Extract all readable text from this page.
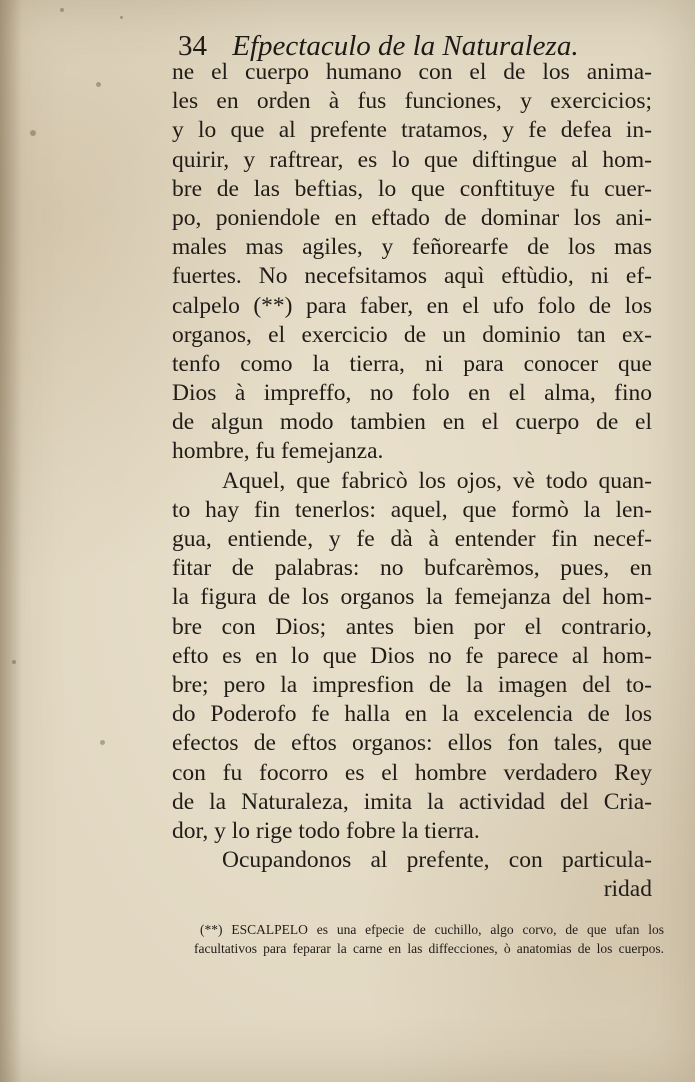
34 Efpectaculo de la Naturaleza.
ne el cuerpo humano con el de los anima-
les en orden à fus funciones, y exercicios;
y lo que al prefente tratamos, y fe defea in-
quirir, y raftrear, es lo que diftingue al hom-
bre de las beftias, lo que conftituye fu cuer-
po, poniendole en eftado de dominar los ani-
males mas agiles, y feñorearfe de los mas
fuertes. No necefsitamos aquì eftùdio, ni ef-
calpelo (**) para faber, en el ufo folo de los
organos, el exercicio de un dominio tan ex-
tenfo como la tierra, ni para conocer que
Dios à impreffo, no folo en el alma, fino
de algun modo tambien en el cuerpo de el
hombre, fu femejanza.
Aquel, que fabricò los ojos, vè todo quan-
to hay fin tenerlos: aquel, que formò la len-
gua, entiende, y fe dà à entender fin necef-
fitar de palabras: no bufcarèmos, pues, en
la figura de los organos la femejanza del hom-
bre con Dios; antes bien por el contrario,
efto es en lo que Dios no fe parece al hom-
bre; pero la impresfion de la imagen del to-
do Poderofo fe halla en la excelencia de los
efectos de eftos organos: ellos fon tales, que
con fu focorro es el hombre verdadero Rey
de la Naturaleza, imita la actividad del Cria-
dor, y lo rige todo fobre la tierra.
Ocupandonos al prefente, con particula-
ridad
(**) ESCALPELO es una efpecie de cuchillo, algo corvo, de que ufan los
facultativos para feparar la carne en las diffecciones, ò anatomias de los cuerpos.
